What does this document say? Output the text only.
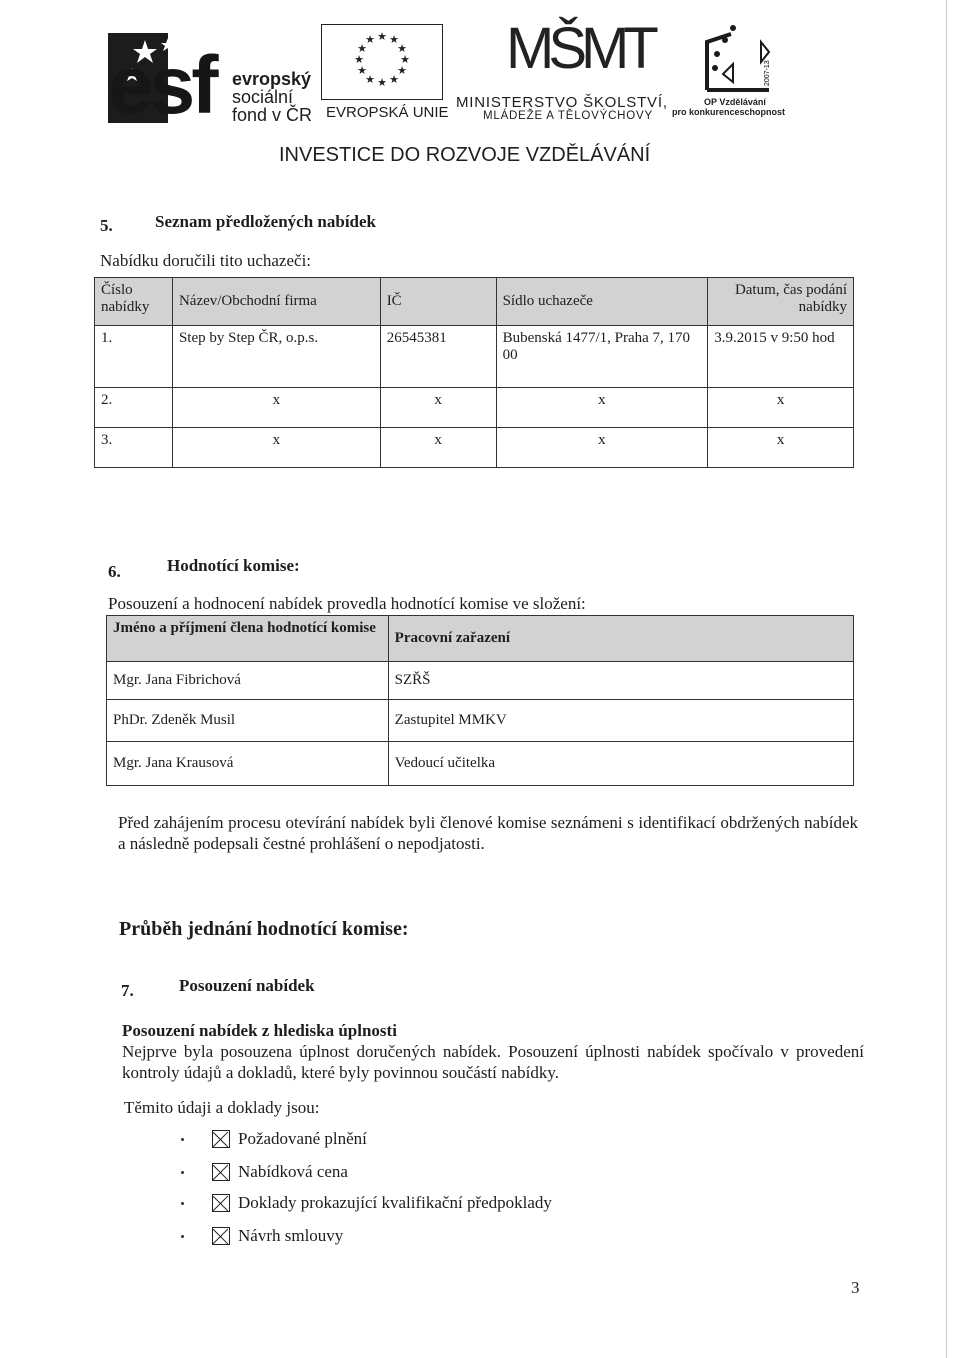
esf evropský
sociální
fond v ČR
★ ★
★
★
★
★
★
★
★
★
★
★
EVROPSKÁ UNIE
MŠMT
MINISTERSTVO ŠKOLSTVÍ,
MLÁDEŽE A TĚLOVÝCHOVY
2007-13
OP Vzdělávání
pro konkurenceschopnost
INVESTICE DO ROZVOJE VZDĚLÁVÁNÍ
5. Seznam předložených nabídek
Nabídku doručili tito uchazeči:
Číslo nabídky	Název/Obchodní firma	IČ	Sídlo uchazeče	Datum, čas podání nabídky
1.	Step by Step ČR, o.p.s.	26545381	Bubenská 1477/1, Praha 7, 170 00	3.9.2015 v 9:50 hod
2.	x	x	x	x
3.	x	x	x	x
6.	Hodnotící komise:
Posouzení a hodnocení nabídek provedla hodnotící komise ve složení:
Jméno a příjmení člena hodnotící komise	Pracovní zařazení
Mgr. Jana Fibrichová	SZŘŠ
PhDr. Zdeněk Musil	Zastupitel MMKV
Mgr. Jana Krausová	Vedoucí učitelka
Před zahájením procesu otevírání nabídek byli členové komise seznámeni s identifikací obdržených nabídek a následně podepsali čestné prohlášení o nepodjatosti.
Průběh jednání hodnotící komise:
7.	Posouzení nabídek
Posouzení nabídek z hlediska úplnosti
Nejprve byla posouzena úplnost doručených nabídek. Posouzení úplnosti nabídek spočívalo v provedení kontroly údajů a dokladů, které byly povinnou součástí nabídky.
Těmito údaji a doklady jsou:
Požadované plnění
Nabídková cena
Doklady prokazující kvalifikační předpoklady
Návrh smlouvy
3
